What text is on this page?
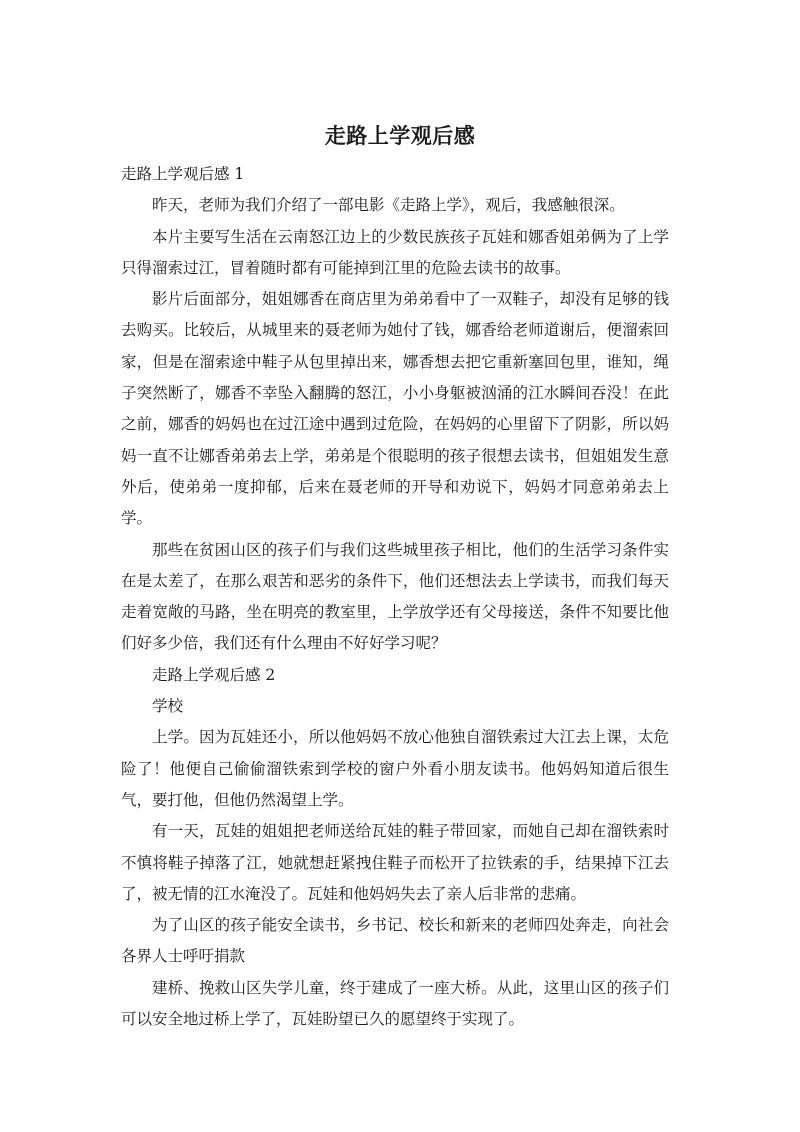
走路上学观后感

走路上学观后感 1

昨天，老师为我们介绍了一部电影《走路上学》，观后，我感触很深。

本片主要写生活在云南怒江边上的少数民族孩子瓦娃和娜香姐弟俩为了上学只得溜索过江，冒着随时都有可能掉到江里的危险去读书的故事。

影片后面部分，姐姐娜香在商店里为弟弟看中了一双鞋子，却没有足够的钱去购买。比较后，从城里来的聂老师为她付了钱，娜香给老师道谢后，便溜索回家，但是在溜索途中鞋子从包里掉出来，娜香想去把它重新塞回包里，谁知，绳子突然断了，娜香不幸坠入翻腾的怒江，小小身躯被汹涌的江水瞬间吞没！在此之前，娜香的妈妈也在过江途中遇到过危险，在妈妈的心里留下了阴影，所以妈妈一直不让娜香弟弟去上学，弟弟是个很聪明的孩子很想去读书，但姐姐发生意外后，使弟弟一度抑郁，后来在聂老师的开导和劝说下，妈妈才同意弟弟去上学。

那些在贫困山区的孩子们与我们这些城里孩子相比，他们的生活学习条件实在是太差了，在那么艰苦和恶劣的条件下，他们还想法去上学读书，而我们每天走着宽敞的马路，坐在明亮的教室里，上学放学还有父母接送，条件不知要比他们好多少倍，我们还有什么理由不好好学习呢？

走路上学观后感 2

学校

上学。因为瓦娃还小，所以他妈妈不放心他独自溜铁索过大江去上课，太危险了！他便自己偷偷溜铁索到学校的窗户外看小朋友读书。他妈妈知道后很生气，要打他，但他仍然渴望上学。

有一天，瓦娃的姐姐把老师送给瓦娃的鞋子带回家，而她自己却在溜铁索时不慎将鞋子掉落了江，她就想赶紧拽住鞋子而松开了拉铁索的手，结果掉下江去了，被无情的江水淹没了。瓦娃和他妈妈失去了亲人后非常的悲痛。

为了山区的孩子能安全读书，乡书记、校长和新来的老师四处奔走，向社会各界人士呼吁捐款

建桥、挽救山区失学儿童，终于建成了一座大桥。从此，这里山区的孩子们可以安全地过桥上学了，瓦娃盼望已久的愿望终于实现了。
